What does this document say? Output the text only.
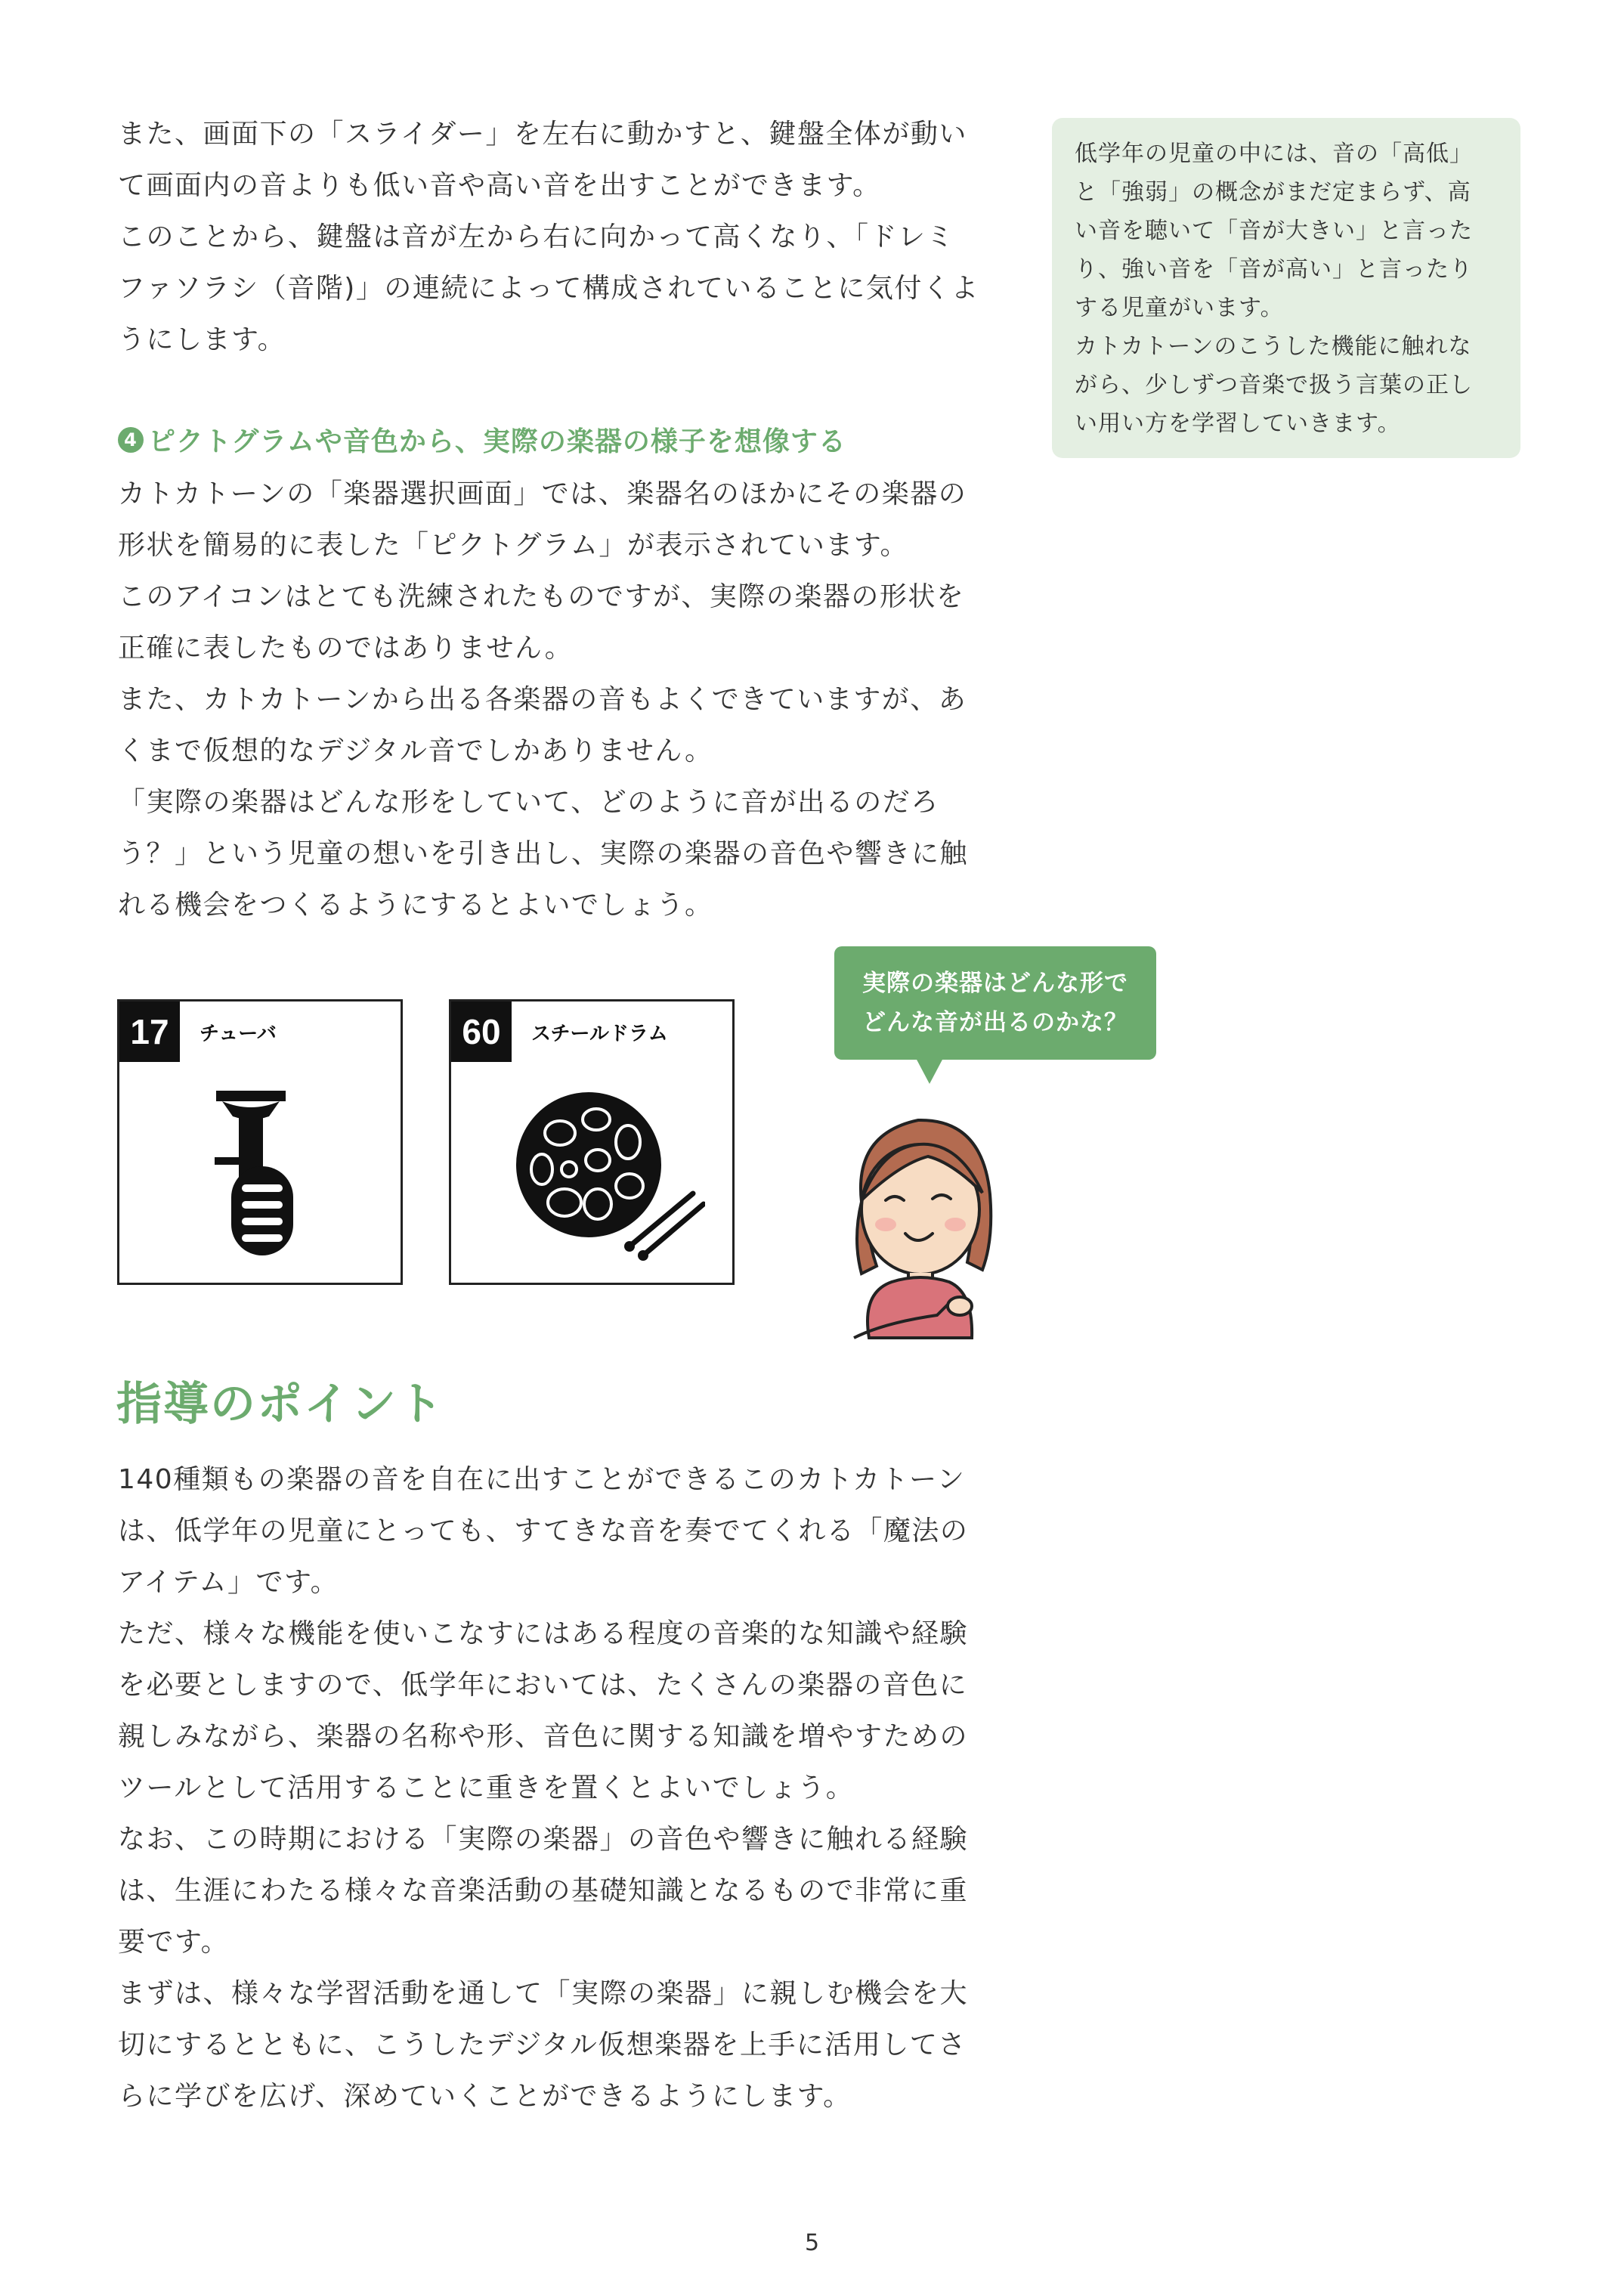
また、画面下の「スライダー」を左右に動かすと、鍵盤全体が動い
て画面内の音よりも低い音や高い音を出すことができます。
このことから、鍵盤は音が左から右に向かって高くなり、「ドレミ
ファソラシ（音階)」の連続によって構成されていることに気付くよ
うにします。
低学年の児童の中には、音の「高低」
と「強弱」の概念がまだ定まらず、高
い音を聴いて「音が大きい」と言った
り、強い音を「音が高い」と言ったり
する児童がいます。
カトカトーンのこうした機能に触れな
がら、少しずつ音楽で扱う言葉の正し
い用い方を学習していきます。
4 ピクトグラムや音色から、実際の楽器の様子を想像する
カトカトーンの「楽器選択画面」では、楽器名のほかにその楽器の
形状を簡易的に表した「ピクトグラム」が表示されています。
このアイコンはとても洗練されたものですが、実際の楽器の形状を
正確に表したものではありません。
また、カトカトーンから出る各楽器の音もよくできていますが、あ
くまで仮想的なデジタル音でしかありません。
「実際の楽器はどんな形をしていて、どのように音が出るのだろ
う？」という児童の想いを引き出し、実際の楽器の音色や響きに触
れる機会をつくるようにするとよいでしょう。
17	チューバ	60	スチールドラム
実際の楽器はどんな形で
どんな音が出るのかな？
指導のポイント
140種類もの楽器の音を自在に出すことができるこのカトカトーン
は、低学年の児童にとっても、すてきな音を奏でてくれる「魔法の
アイテム」です。
ただ、様々な機能を使いこなすにはある程度の音楽的な知識や経験
を必要としますので、低学年においては、たくさんの楽器の音色に
親しみながら、楽器の名称や形、音色に関する知識を増やすための
ツールとして活用することに重きを置くとよいでしょう。
なお、この時期における「実際の楽器」の音色や響きに触れる経験
は、生涯にわたる様々な音楽活動の基礎知識となるもので非常に重
要です。
まずは、様々な学習活動を通して「実際の楽器」に親しむ機会を大
切にするとともに、こうしたデジタル仮想楽器を上手に活用してさ
らに学びを広げ、深めていくことができるようにします。
5
